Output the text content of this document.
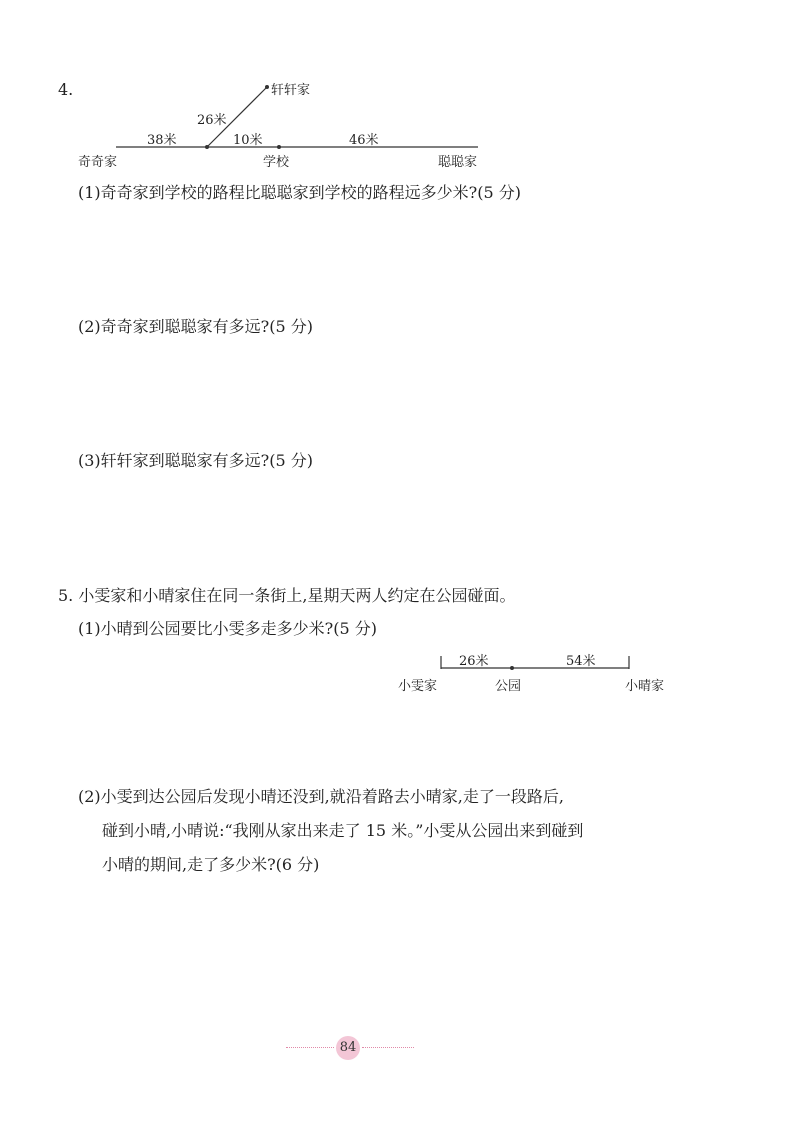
4.	轩轩家
26米
38米	10米	46米
奇奇家	学校	聪聪家
(1)奇奇家到学校的路程比聪聪家到学校的路程远多少米?(5 分)
(2)奇奇家到聪聪家有多远?(5 分)
(3)轩轩家到聪聪家有多远?(5 分)
5. 小雯家和小晴家住在同一条街上,星期天两人约定在公园碰面。
(1)小晴到公园要比小雯多走多少米?(5 分)
26米	54米
小雯家	公园	小晴家
(2)小雯到达公园后发现小晴还没到,就沿着路去小晴家,走了一段路后,
碰到小晴,小晴说:“我刚从家出来走了 15 米。”小雯从公园出来到碰到
小晴的期间,走了多少米?(6 分)
84
